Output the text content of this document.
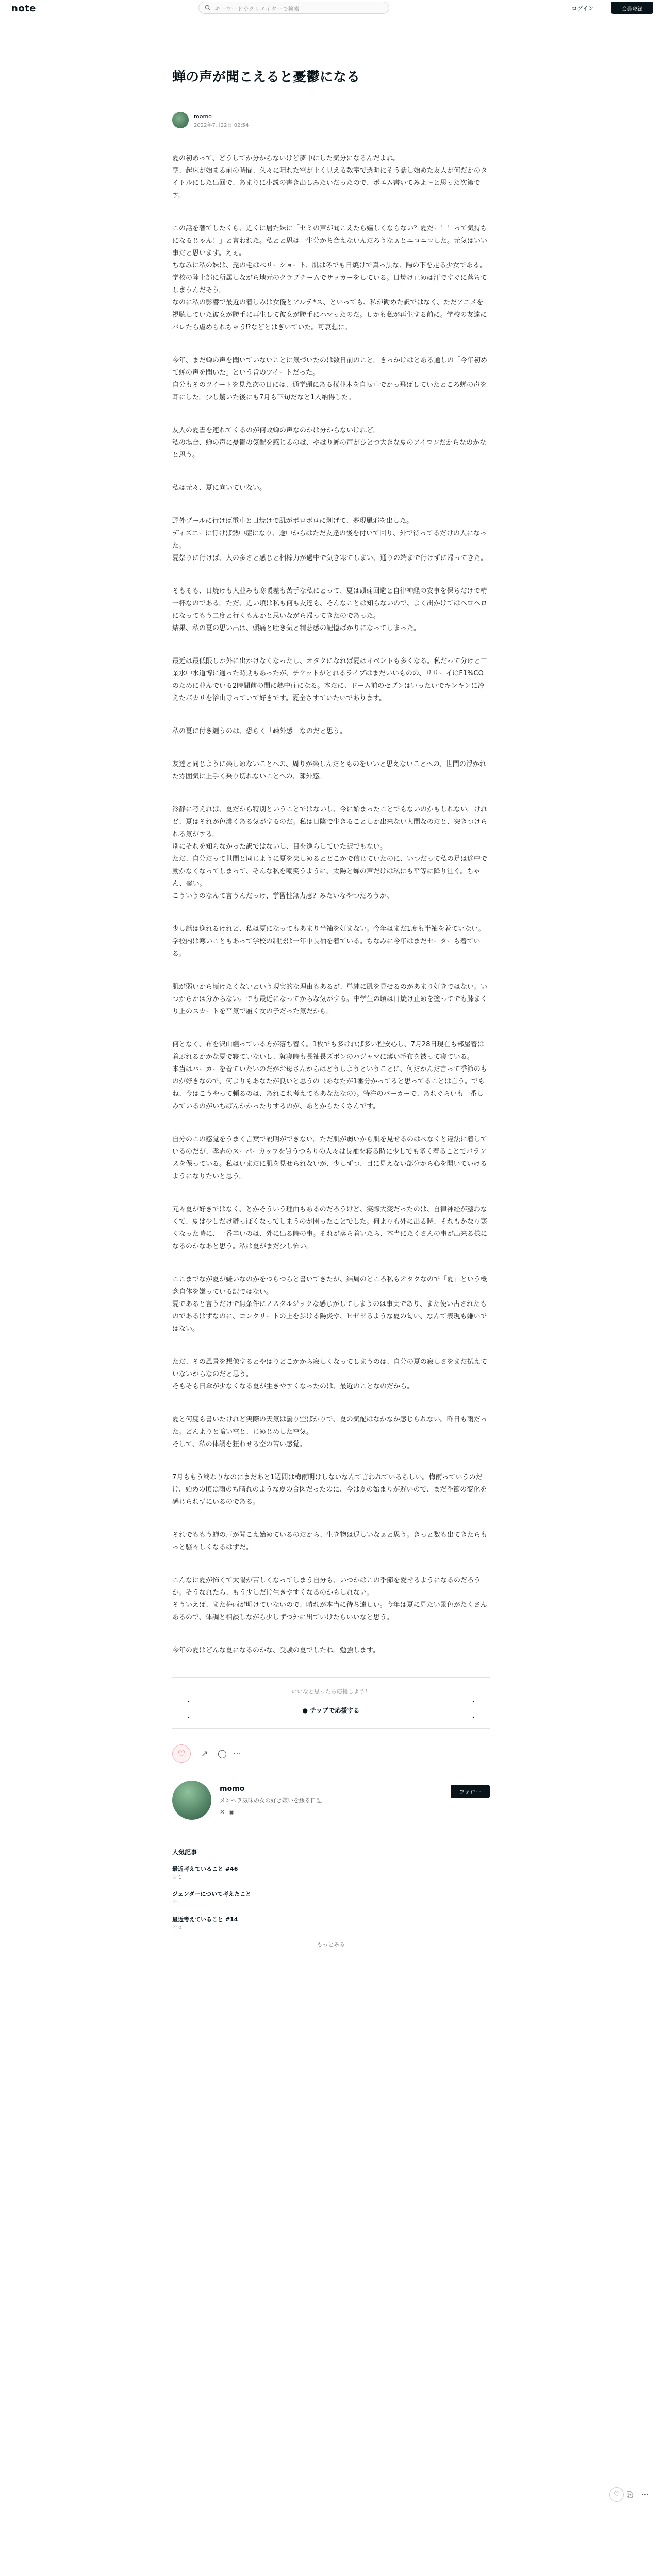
note	キーワードやクリエイターで検索	ログイン	会員登録
蝉の声が聞こえると憂鬱になる
momo
2022年7月22日 02:54

夏の初めって、どうしてか分からないけど夢中にした気分になるんだよね。
朝、起床が始まる前の時間、久々に晴れた空が上く見える教室で透明にそう話し始めた友人が何だかのタイトルにした出回で、あまりに小説の書き出しみたいだったので、ポエム書いてみよ〜と思った次第です。

この話を著てしたくら、近くに居た妹に「セミの声が聞こえたら嬉しくならない？夏だー！！って気持ちになるじゃん！」と言われた。私とと思は一生分かち合えないんだろうなぁとニコニコした。元気はいい事だと思います。えぇ。
ちなみに私の妹は、髭の毛はベリーショート、肌は冬でも日焼けで真っ黒な、陽の下を走る少女である。学校の陸上部に所属しながら地元のクラブチームでサッカーをしている。日焼け止めは汗ですぐに落ちてしまうんだそう。
なのに私の影響で最近の着しみは女優とアルテ*ス、といっても、私が勧めた訳ではなく、ただアニメを視聴していた彼女が勝手に再生して彼女が勝手にハマったのだ。しかも私が再生する前に。学校の友達にバレたら虐められちゃう⁉などとはぎいていた。可哀想に。

今年、まだ蝉の声を聞いていないことに気づいたのは数日前のこと。きっかけはとある通しの「今年初めて蝉の声を聞いた」という旨のツイートだった。
自分もそのツイートを見た次の日には、通学頭にある桜並木を自転車でかっ飛ばしていたところ蝉の声を耳にした。少し驚いた後にも7月も下旬だなと1人納得した。

友人の夏書を連れてくるのが何故蝉の声なのかは分からないけれど。
私の場合、蝉の声に憂鬱の気配を感じるのは、やはり蝉の声がひとつ大きな夏のアイコンだからなのかなと思う。

私は元々、夏に向いていない。

野外プールに行けば電車と日焼けで肌がボロボロに剥げて、夢現風邪を出した。
ディズニーに行けば熱中症になり、途中からはただ友達の後を付いて回り、外で待ってるだけの人になった。
夏祭りに行けば、人の多さと感じと相棒力が過中で気き寒てしまい、通りの端まで行けずに帰ってきた。

そもそも、日焼けも人並みも寒暖差も苦手な私にとって、夏は頭痛回避と自律神経の安事を保ちだけで精一杯なのである。ただ、近い頃は私も何も友達も、そんなことは知らないので、よく出かけてはヘロヘロになってもう二度と行くもんかと思いながら帰ってきたのであった。
結果、私の夏の思い出は、頭痛と吐き気と精悲感の記憶ばかりになってしまった。

最近は最低限しか外に出かけなくなったし、オタクになれば夏はイベントも多くなる。私だって分けと工業水中水道博に通った時期もあったが、チケットがとれるライブはまだいいものの、リリーイはF1%COのために並んでいる2時間前の間に熱中症になる。本だに、ドーム前のセブンはいったいでキンキンに冷えたボカリを浴山寺っていて好きです。夏全さすていたいであります。

私の夏に付き纏うのは、恐らく「疎外感」なのだと思う。

友達と同じように楽しめないことへの、周りが楽しんだとものをいいと思えないことへの、世間の浮かれた雰囲気に上手く乗り切れないことへの、疎外感。

冷静に考えれば、夏だから特別ということではないし、今に始まったことでもないのかもしれない。けれど、夏はそれが色濃くある気がするのだ。私は日陰で生きることしか出来ない人間なのだと、突きつけられる気がする。
別にそれを知らなかった訳ではないし、目を逸らしていた訳でもない。
ただ、自分だって世間と同じように夏を楽しめるとどこかで信じていたのに、いつだって私の足は途中で動かなくなってしまって、そんな私を嘲笑うように、太陽と蝉の声だけは私にも平等に降り注ぐ。ちゃん、馨い。
こういうのなんて言うんだっけ、学習性無力感？みたいなやつだろうか。

少し話は逸れるけれど、私は夏になってもあまり半袖を好まない。今年はまだ1度も半袖を着ていない。学校内は寒いこともあって学校の制服は一年中長袖を着ている。ちなみに今年はまだセーターも着ている。

肌が弱いから頃けたくないという現実的な理由もあるが、単純に肌を見せるのがあまり好きではない。いつからかは分からない。でも最近になってからな気がする。中学生の頃は日焼け止めを塗ってでも膝まくり上のスカートを平気で履く女の子だった気だから。

何となく、布を沢山纏っている方が落ち着く。1枚でも多ければ多い程安心し、7月28日現在も部屋着は着ぶれるかかな夏で寝ていないし、就寝時も長袖長ズボンのパジャマに薄い毛布を被って寝ている。
本当はパーカーを着ていたいのだがお母さんからはどうしようということに、何だかんだ言って季節のものが好きなので、何よりもあなたが良いと思うの（あなたが1番分かってると思ってることは言う。でもね、今はこうやって頼るのは、あれこれ考えてもあなたなの）。特注のパーカーで、あれぐらいも一番しみているのがいちばんかかったりするのが、あとからたくさんです。

自分のこの感覚をうまく言葉で説明ができない。ただ肌が弱いから肌を見せるのはべなくと違法に着しているのだが、孝志のスーパーカップを買うつもりの人々は長袖を寝る時に少しでも多く着ることでバランスを保っている。私はいまだに肌を見せられないが、少しずつ、目に見えない部分から心を開いていけるようになりたいと思う。

元々夏が好きではなく、とかそういう理由もあるのだろうけど、実際大変だったのは、自律神経が整わなくて、夏は少しだけ鬱っぽくなってしまうのが困ったことでした。何よりも外に出る時、それもかなり寒くなった時に、一番辛いのは、外に出る時の事。それが落ち着いたら、本当にたくさんの事が出来る様になるのかなあと思う。私は夏がまだ少し怖い。

ここまでなが夏が嫌いなのかをつらつらと書いてきたが、結局のところ私もオタクなので「夏」という概念自体を嫌っている訳ではない。
夏であると言うだけで無条件にノスタルジックな感じがしてしまうのは事実であり、また使い古されたものであるはずなのに、コンクリートの上を歩ける陽炎や、ヒゼゼるような夏の匂い、なんて表現も嫌いではない。

ただ、その風景を想像するとやはりどこかから寂しくなってしまうのは、自分の夏の寂しさをまだ拭えていないからなのだと思う。
そもそも日傘が少なくなる夏が生きやすくなったのは、最近のことなのだから。

夏と何度も書いたけれど実際の天気は曇り空ばかりで、夏の気配はなかなか感じられない。昨日も雨だった。どんよりと暗い空と、じめじめした空気。
そして、私の体調を狂わせる空の苦い感覚。

7月ももう終わりなのにまだあと1週間は梅雨明けしないなんて言われているらしい。梅雨っていうのだけ、始めの頃は雨のち晴れのような夏の合図だったのに、今は夏の始まりが遅いので、まだ季節の変化を感じられずにいるのである。

それでももう蝉の声が聞こえ始めているのだから、生き物は逞しいなぁと思う。きっと数も出てきたらもっと騒々しくなるはずだ。

こんなに夏が怖くて太陽が苦しくなってしまう自分も、いつかはこの季節を愛せるようになるのだろうか。そうなれたら、もう少しだけ生きやすくなるのかもしれない。
そういえば、また梅雨が明けていないので、晴れが本当に待ち遠しい。今年は夏に見たい景色がたくさんあるので、体調と相談しながら少しずつ外に出ていけたらいいなと思う。

今年の夏はどんな夏になるのかな、受験の夏でしたね。勉強します。

いいなと思ったら応援しよう！
● チップで応援する
♡	↗ ◯ ⋯
momo
メンヘラ気味の女の好き嫌いを綴る日記
✕ ◉
フォロー
人気記事
最近考えていること #46
♡ 1
ジェンダーについて考えたこと
♡ 1
最近考えていること #14
♡ 0
もっとみる
♡	⎘ ⋯
